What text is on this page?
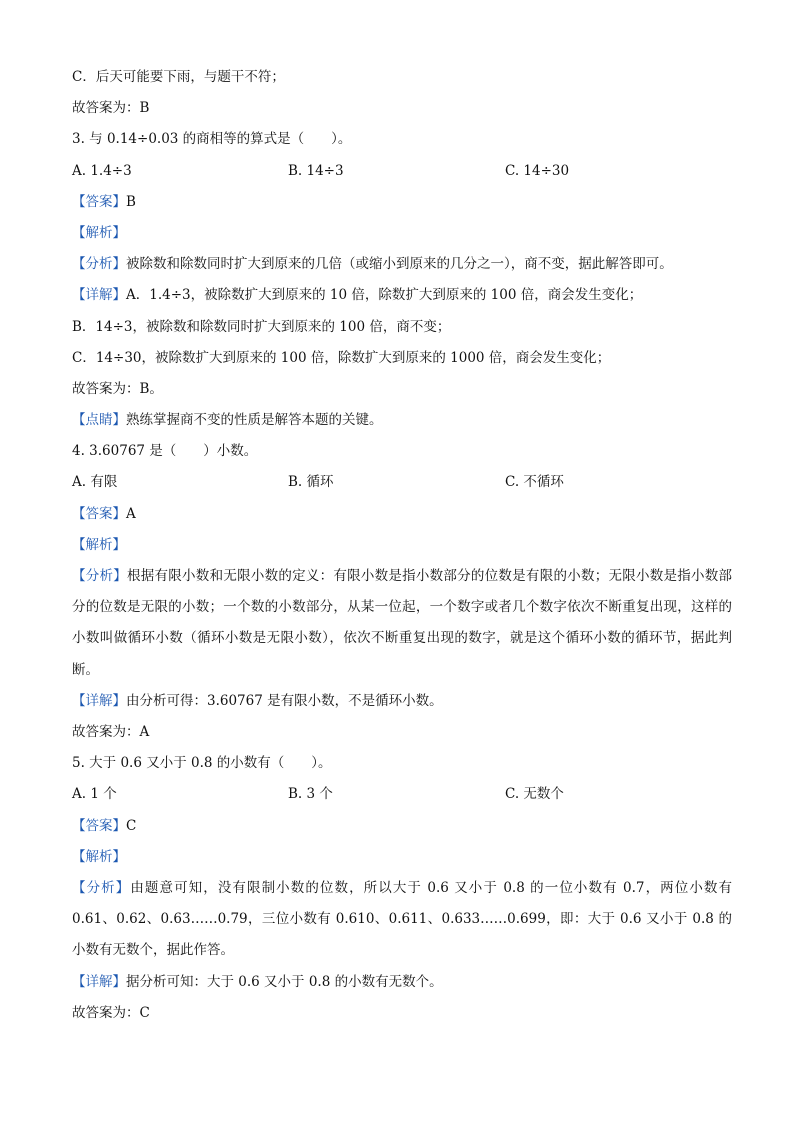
C．后天可能要下雨，与题干不符；
故答案为：B
3. 与 0.14÷0.03 的商相等的算式是（　　）。
A. 1.4÷3	B. 14÷3	C. 14÷30
【答案】B
【解析】
【分析】被除数和除数同时扩大到原来的几倍（或缩小到原来的几分之一），商不变，据此解答即可。
【详解】A．1.4÷3，被除数扩大到原来的 10 倍，除数扩大到原来的 100 倍，商会发生变化；
B．14÷3，被除数和除数同时扩大到原来的 100 倍，商不变；
C．14÷30，被除数扩大到原来的 100 倍，除数扩大到原来的 1000 倍，商会发生变化；
故答案为：B。
【点睛】熟练掌握商不变的性质是解答本题的关键。
4. 3.60767 是（　　）小数。
A. 有限	B. 循环	C. 不循环
【答案】A
【解析】
【分析】根据有限小数和无限小数的定义：有限小数是指小数部分的位数是有限的小数；无限小数是指小数部分的位数是无限的小数；一个数的小数部分，从某一位起，一个数字或者几个数字依次不断重复出现，这样的小数叫做循环小数（循环小数是无限小数），依次不断重复出现的数字，就是这个循环小数的循环节，据此判断。
【详解】由分析可得：3.60767 是有限小数，不是循环小数。
故答案为：A
5. 大于 0.6 又小于 0.8 的小数有（　　）。
A. 1 个	B. 3 个	C. 无数个
【答案】C
【解析】
【分析】由题意可知，没有限制小数的位数，所以大于 0.6 又小于 0.8 的一位小数有 0.7，两位小数有 0.61、0.62、0.63……0.79，三位小数有 0.610、0.611、0.633……0.699，即：大于 0.6 又小于 0.8 的小数有无数个，据此作答。
【详解】据分析可知：大于 0.6 又小于 0.8 的小数有无数个。
故答案为：C
